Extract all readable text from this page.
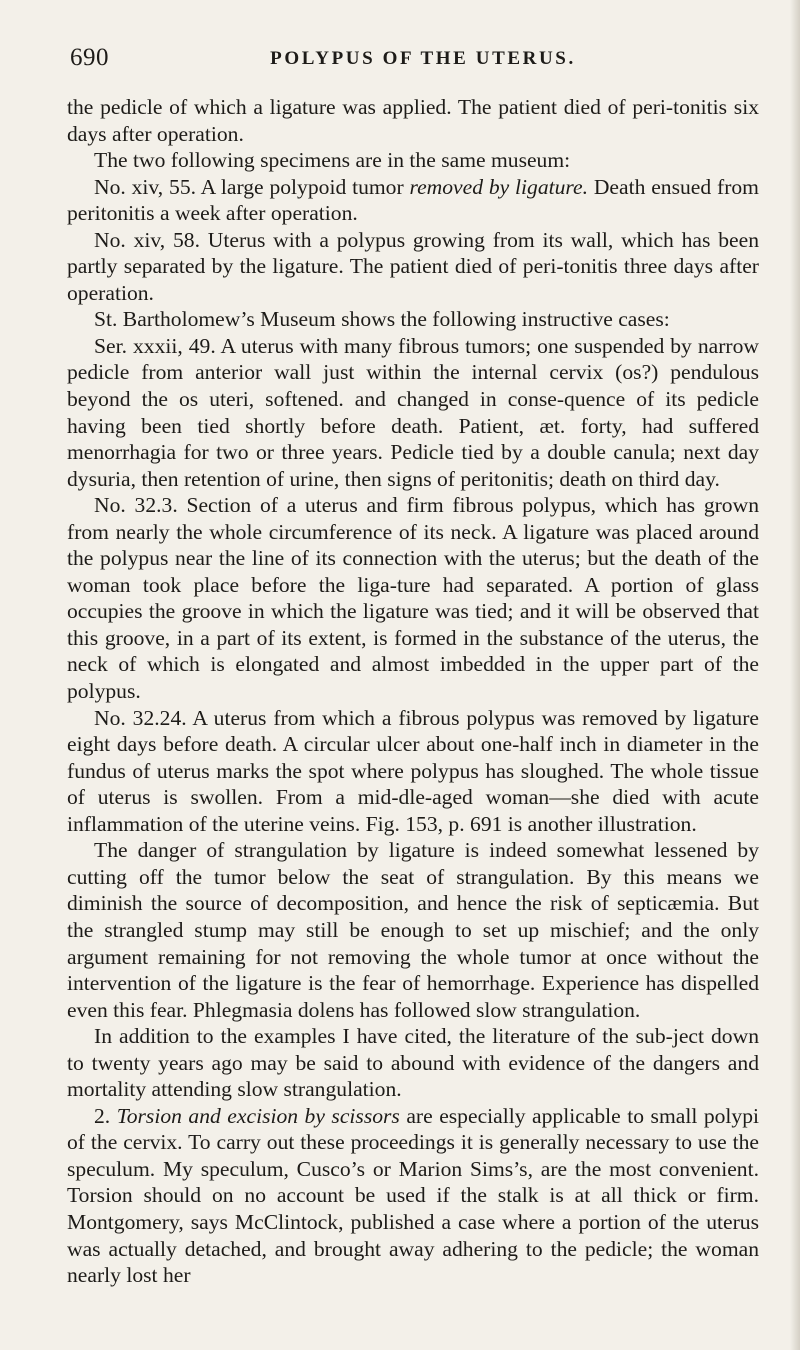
690	POLYPUS OF THE UTERUS.

the pedicle of which a ligature was applied. The patient died of peri-tonitis six days after operation.

The two following specimens are in the same museum:

No. xiv, 55. A large polypoid tumor removed by ligature. Death ensued from peritonitis a week after operation.

No. xiv, 58. Uterus with a polypus growing from its wall, which has been partly separated by the ligature. The patient died of peri-tonitis three days after operation.

St. Bartholomew’s Museum shows the following instructive cases:

Ser. xxxii, 49. A uterus with many fibrous tumors; one suspended by narrow pedicle from anterior wall just within the internal cervix (os?) pendulous beyond the os uteri, softened. and changed in conse-quence of its pedicle having been tied shortly before death. Patient, æt. forty, had suffered menorrhagia for two or three years. Pedicle tied by a double canula; next day dysuria, then retention of urine, then signs of peritonitis; death on third day.

No. 32.3. Section of a uterus and firm fibrous polypus, which has grown from nearly the whole circumference of its neck. A ligature was placed around the polypus near the line of its connection with the uterus; but the death of the woman took place before the liga-ture had separated. A portion of glass occupies the groove in which the ligature was tied; and it will be observed that this groove, in a part of its extent, is formed in the substance of the uterus, the neck of which is elongated and almost imbedded in the upper part of the polypus.

No. 32.24. A uterus from which a fibrous polypus was removed by ligature eight days before death. A circular ulcer about one-half inch in diameter in the fundus of uterus marks the spot where polypus has sloughed. The whole tissue of uterus is swollen. From a mid-dle-aged woman—she died with acute inflammation of the uterine veins. Fig. 153, p. 691 is another illustration.

The danger of strangulation by ligature is indeed somewhat lessened by cutting off the tumor below the seat of strangulation. By this means we diminish the source of decomposition, and hence the risk of septicæmia. But the strangled stump may still be enough to set up mischief; and the only argument remaining for not removing the whole tumor at once without the intervention of the ligature is the fear of hemorrhage. Experience has dispelled even this fear. Phlegmasia dolens has followed slow strangulation.

In addition to the examples I have cited, the literature of the sub-ject down to twenty years ago may be said to abound with evidence of the dangers and mortality attending slow strangulation.

2. Torsion and excision by scissors are especially applicable to small polypi of the cervix. To carry out these proceedings it is generally necessary to use the speculum. My speculum, Cusco’s or Marion Sims’s, are the most convenient. Torsion should on no account be used if the stalk is at all thick or firm. Montgomery, says McClintock, published a case where a portion of the uterus was actually detached, and brought away adhering to the pedicle; the woman nearly lost her
